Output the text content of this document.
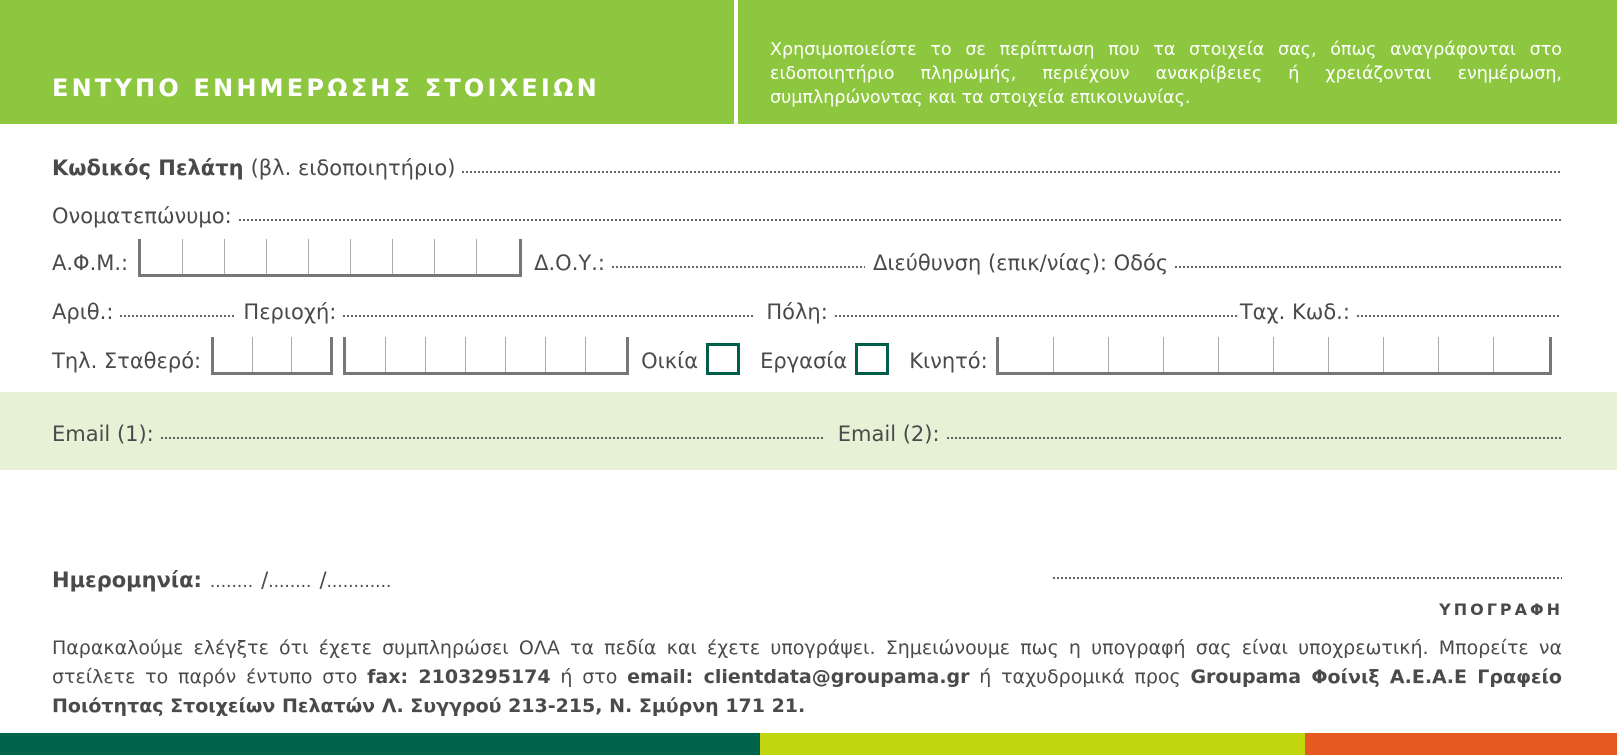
ΕΝΤΥΠΟ ΕΝΗΜΕΡΩΣΗΣ ΣΤΟΙΧΕΙΩΝ
Χρησιμοποιείστε το σε περίπτωση που τα στοιχεία σας, όπως αναγράφονται στο ειδοποιητήριο πληρωμής, περιέχουν ανακρίβειες ή χρειάζονται ενημέρωση, συμπληρώνοντας και τα στοιχεία επικοινωνίας.
Κωδικός Πελάτη (βλ. ειδοποιητήριο)
Ονοματεπώνυμο:
Α.Φ.Μ.:	Δ.Ο.Υ.:	Διεύθυνση (επικ/νίας): Οδός
Αριθ.:	Περιοχή:	Πόλη:	Ταχ. Κωδ.:
Τηλ. Σταθερό:	Οικία	Εργασία	Κινητό:
Email (1):	Email (2):
Ημερομηνία: ........ / ........ / ............
ΥΠΟΓΡΑΦΗ
Παρακαλούμε ελέγξτε ότι έχετε συμπληρώσει ΟΛΑ τα πεδία και έχετε υπογράψει. Σημειώνουμε πως η υπογραφή σας είναι υποχρεωτική. Μπορείτε να στείλετε το παρόν έντυπο στο fax: 2103295174 ή στο email: clientdata@groupama.gr ή ταχυδρομικά προς Groupama Φοίνιξ Α.Ε.Α.Ε Γραφείο Ποιότητας Στοιχείων Πελατών Λ. Συγγρού 213-215, Ν. Σμύρνη 171 21.
